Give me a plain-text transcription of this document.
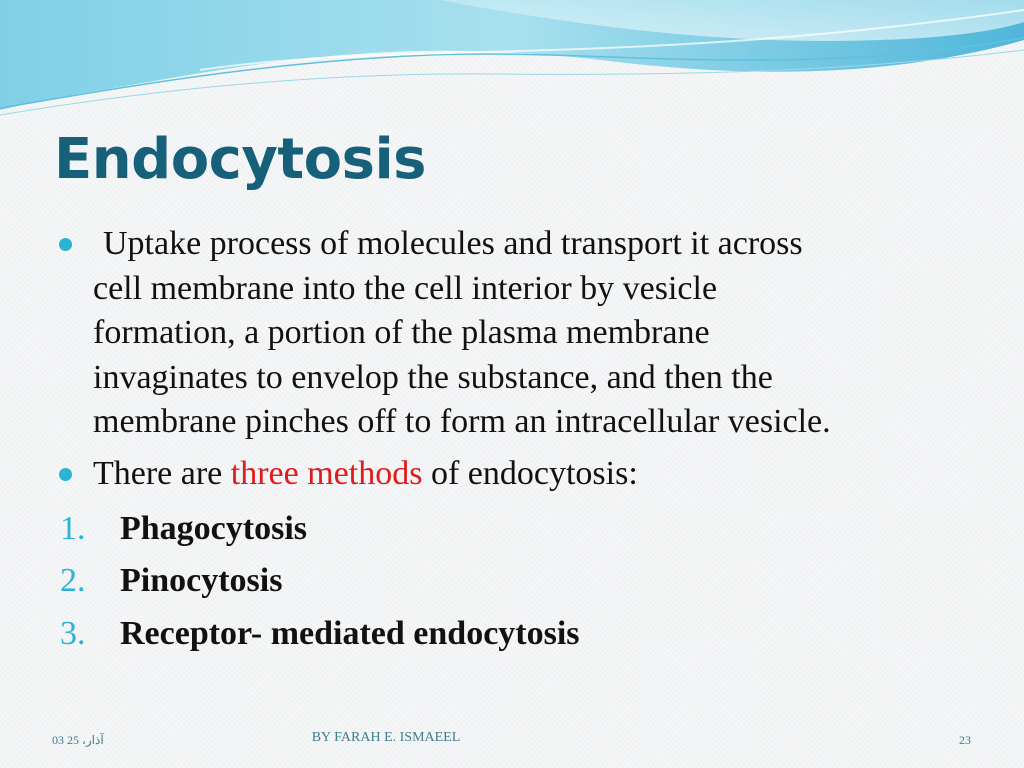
Endocytosis
Uptake process of molecules and transport it across
cell membrane into the cell interior by vesicle
formation, a portion of the plasma membrane
invaginates to envelop the substance, and then the
membrane pinches off to form an intracellular vesicle.
There are three methods of endocytosis:
1. Phagocytosis
2. Pinocytosis
3. Receptor- mediated endocytosis
03 آذار، 25	BY FARAH E. ISMAEEL	23
